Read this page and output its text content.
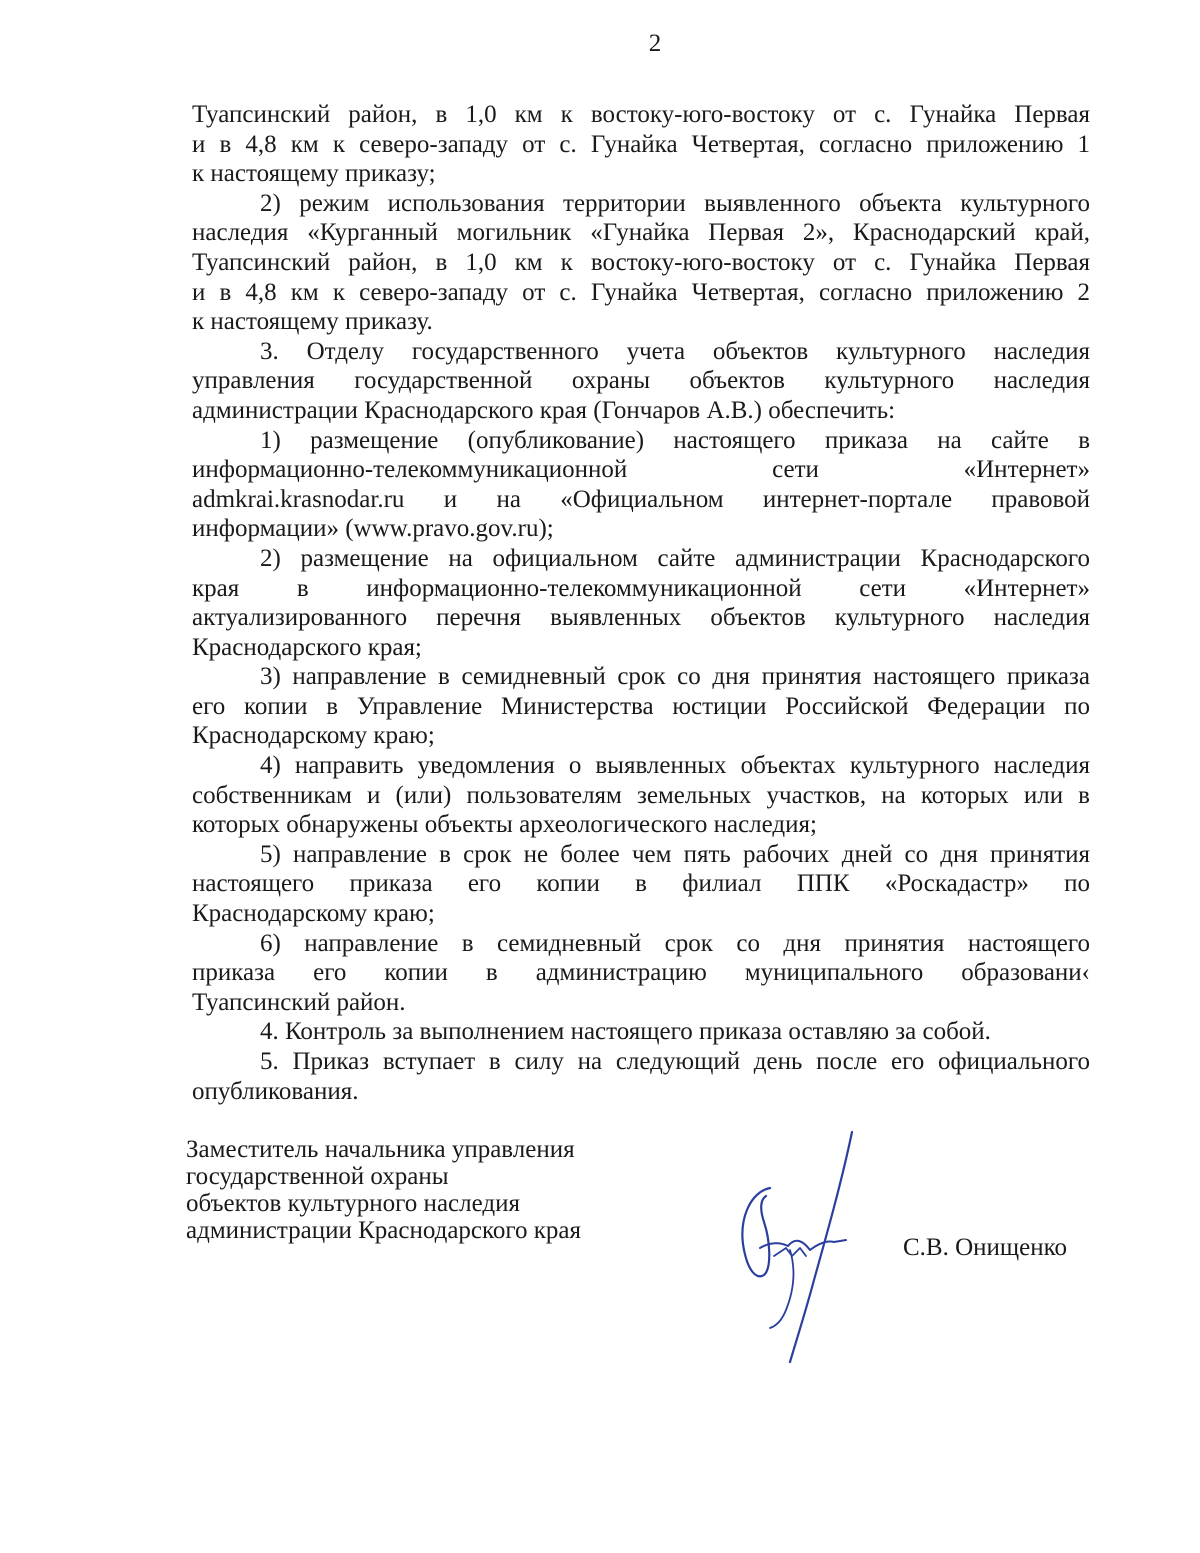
2
Туапсинский район, в 1,0 км к востоку-юго-востоку от с. Гунайка Первая
и в 4,8 км к северо-западу от с. Гунайка Четвертая, согласно приложению 1
к настоящему приказу;
2) режим использования территории выявленного объекта культурного
наследия «Курганный могильник «Гунайка Первая 2», Краснодарский край,
Туапсинский район, в 1,0 км к востоку-юго-востоку от с. Гунайка Первая
и в 4,8 км к северо-западу от с. Гунайка Четвертая, согласно приложению 2
к настоящему приказу.
3. Отделу государственного учета объектов культурного наследия
управления государственной охраны объектов культурного наследия
администрации Краснодарского края (Гончаров А.В.) обеспечить:
1) размещение (опубликование) настоящего приказа на сайте в
информационно-телекоммуникационной сети «Интернет»
admkrai.krasnodar.ru и на «Официальном интернет-портале правовой
информации» (www.pravo.gov.ru);
2) размещение на официальном сайте администрации Краснодарского
края в информационно-телекоммуникационной сети «Интернет»
актуализированного перечня выявленных объектов культурного наследия
Краснодарского края;
3) направление в семидневный срок со дня принятия настоящего приказа
его копии в Управление Министерства юстиции Российской Федерации по
Краснодарскому краю;
4) направить уведомления о выявленных объектах культурного наследия
собственникам и (или) пользователям земельных участков, на которых или в
которых обнаружены объекты археологического наследия;
5) направление в срок не более чем пять рабочих дней со дня принятия
настоящего приказа его копии в филиал ППК «Роскадастр» по
Краснодарскому краю;
6) направление в семидневный срок со дня принятия настоящего
приказа его копии в администрацию муниципального образовани‹
Туапсинский район.
4. Контроль за выполнением настоящего приказа оставляю за собой.
5. Приказ вступает в силу на следующий день после его официального
опубликования.
Заместитель начальника управления
государственной охраны
объектов культурного наследия
администрации Краснодарского края
С.В. Онищенко
